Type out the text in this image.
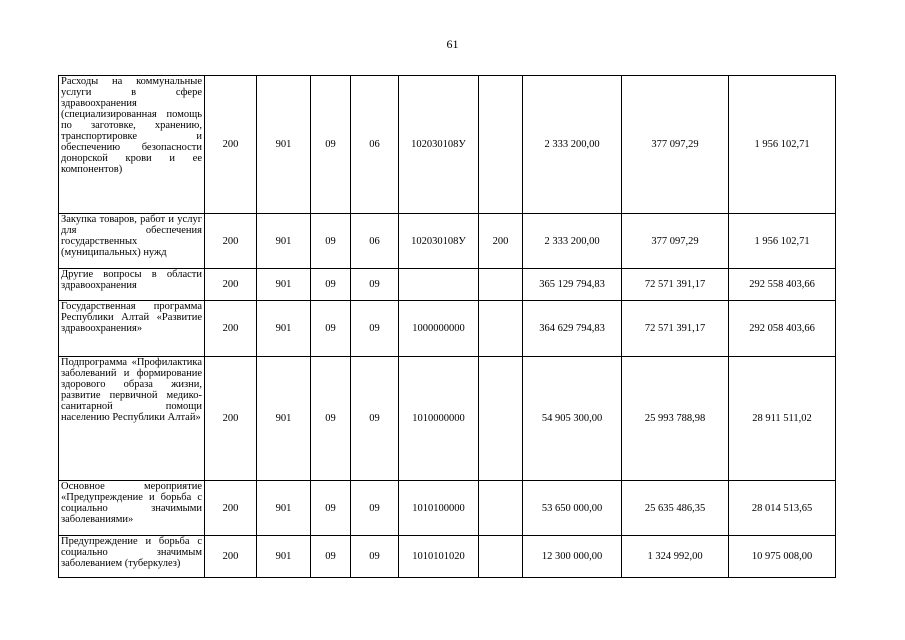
61
Расходы на коммунальные услуги в сфере здравоохранения (специализированная помощь по заготовке, хранению, транспортировке и обеспечению безопасности донорской крови и ее компонентов)	200	901	09	06	102030108У		2 333 200,00	377 097,29	1 956 102,71
Закупка товаров, работ и услуг для обеспечения государственных (муниципальных) нужд	200	901	09	06	102030108У	200	2 333 200,00	377 097,29	1 956 102,71
Другие вопросы в области здравоохранения	200	901	09	09			365 129 794,83	72 571 391,17	292 558 403,66
Государственная программа Республики Алтай «Развитие здравоохранения»	200	901	09	09	1000000000		364 629 794,83	72 571 391,17	292 058 403,66
Подпрограмма «Профилактика заболеваний и формирование здорового образа жизни, развитие первичной медико-санитарной помощи населению Республики Алтай»	200	901	09	09	1010000000		54 905 300,00	25 993 788,98	28 911 511,02
Основное мероприятие «Предупреждение и борьба с социально значимыми заболеваниями»	200	901	09	09	1010100000		53 650 000,00	25 635 486,35	28 014 513,65
Предупреждение и борьба с социально значимым заболеванием (туберкулез)	200	901	09	09	1010101020		12 300 000,00	1 324 992,00	10 975 008,00
